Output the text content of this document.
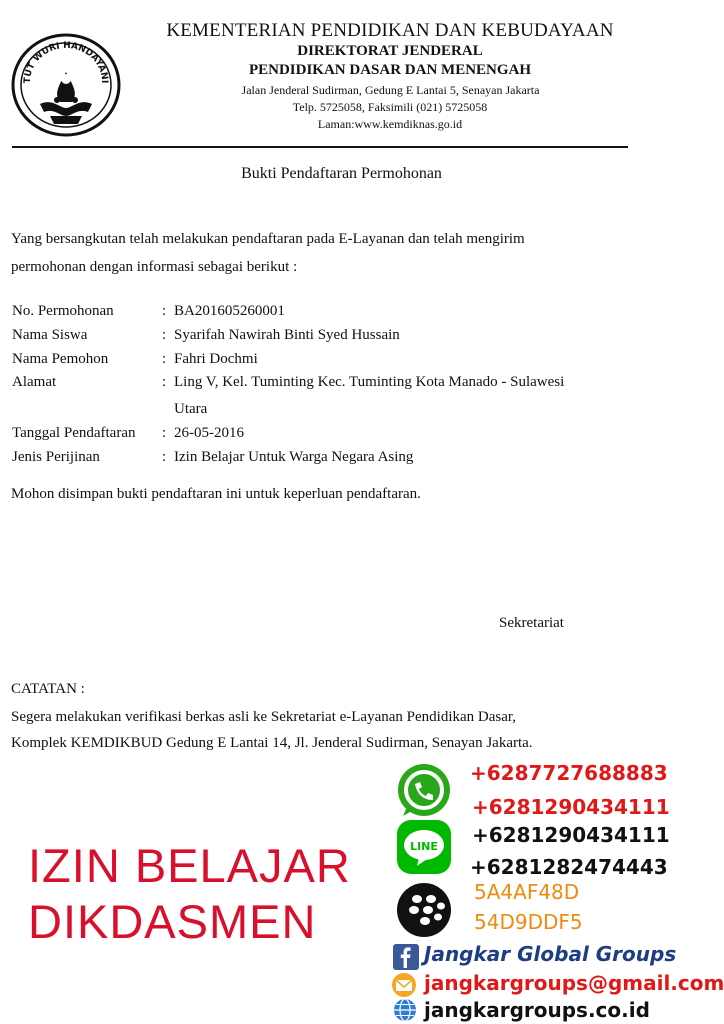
TUT WURI HANDAYANI
KEMENTERIAN PENDIDIKAN DAN KEBUDAYAAN
DIREKTORAT JENDERAL
PENDIDIKAN DASAR DAN MENENGAH
Jalan Jenderal Sudirman, Gedung E Lantai 5, Senayan Jakarta
Telp. 5725058, Faksimili (021) 5725058
Laman:www.kemdiknas.go.id
Bukti Pendaftaran Permohonan
Yang bersangkutan telah melakukan pendaftaran pada E-Layanan dan telah mengirim
permohonan dengan informasi sebagai berikut :
No. Permohonan	: BA201605260001
Nama Siswa	: Syarifah Nawirah Binti Syed Hussain
Nama Pemohon	: Fahri Dochmi
Alamat	: Ling V, Kel. Tuminting Kec. Tuminting Kota Manado - Sulawesi
Utara
Tanggal Pendaftaran : 26-05-2016
Jenis Perijinan	: Izin Belajar Untuk Warga Negara Asing
Mohon disimpan bukti pendaftaran ini untuk keperluan pendaftaran.
Sekretariat
CATATAN :
Segera melakukan verifikasi berkas asli ke Sekretariat e-Layanan Pendidikan Dasar,
Komplek KEMDIKBUD Gedung E Lantai 14, Jl. Jenderal Sudirman, Senayan Jakarta.
IZIN BELAJAR
DIKDASMEN
+6287727688883
+6281290434111
LINE +6281290434111
+6281282474443
5A4AF48D
54D9DDF5
Jangkar Global Groups
jangkargroups@gmail.com
jangkargroups.co.id
